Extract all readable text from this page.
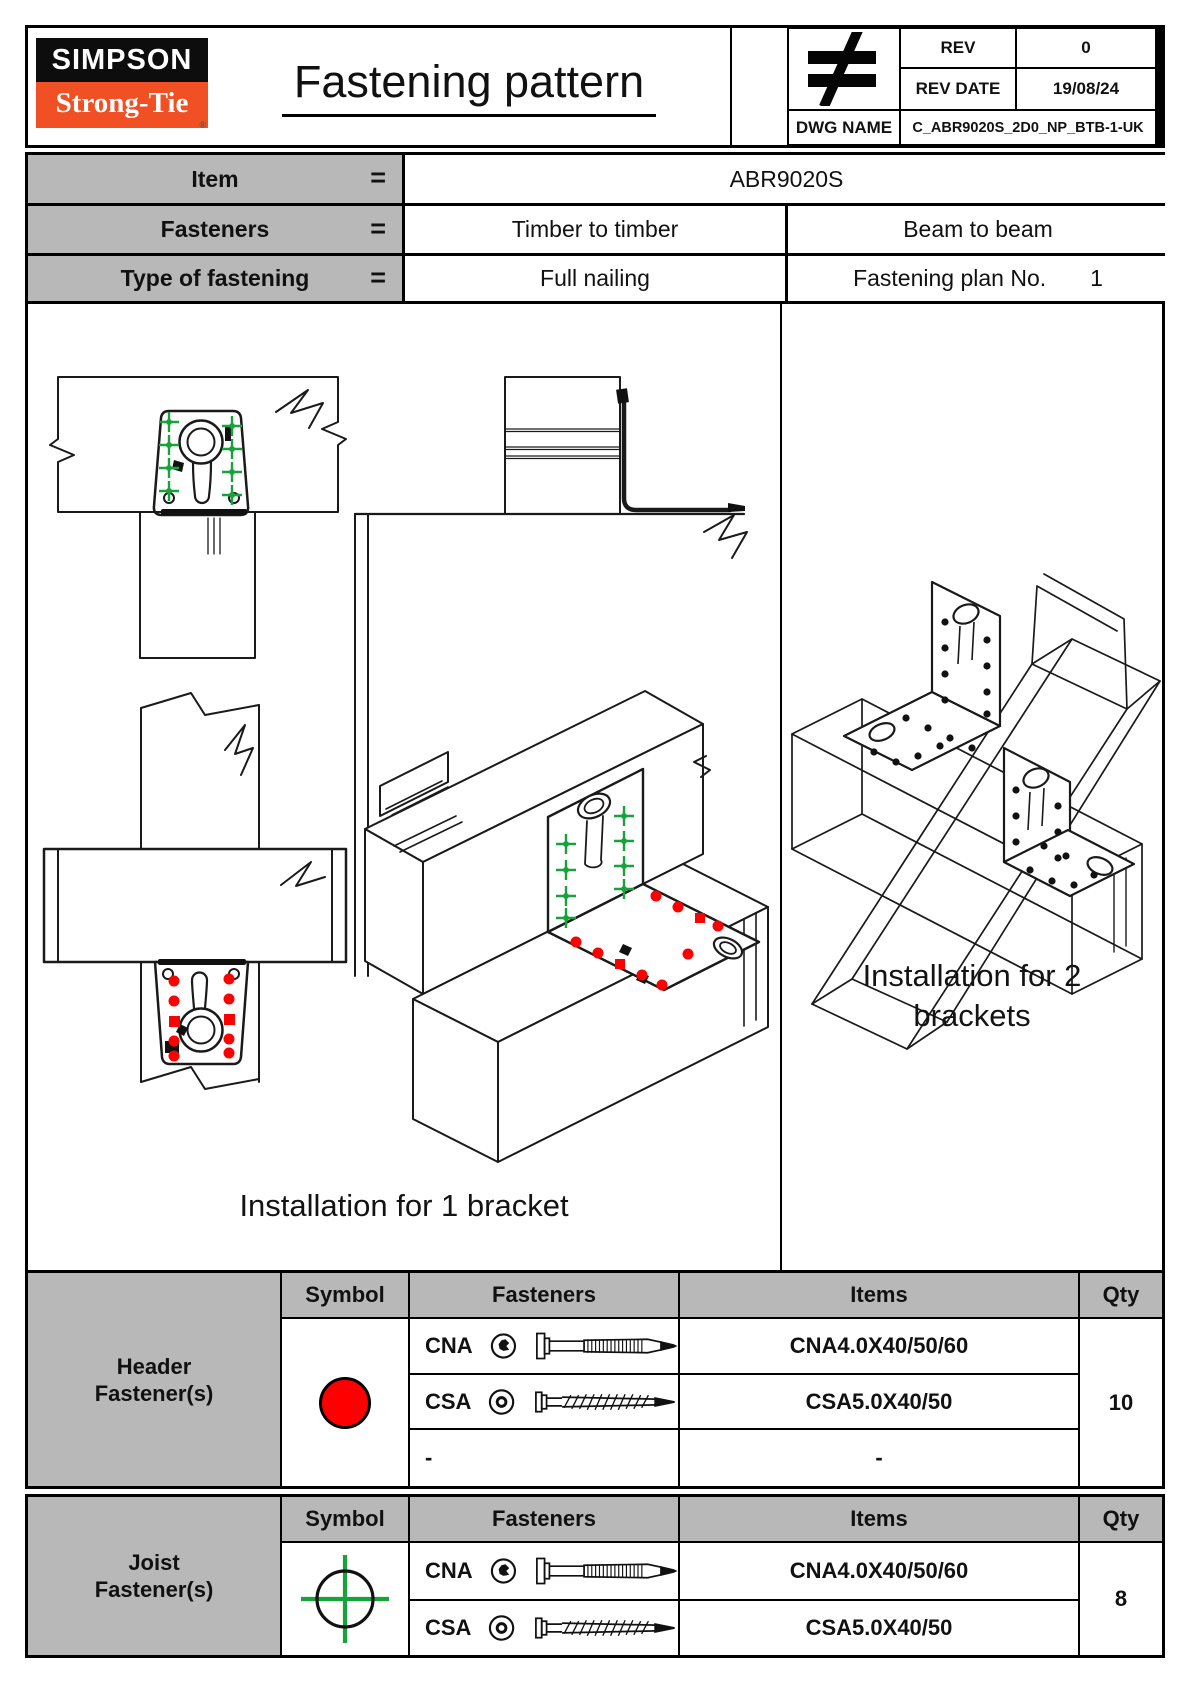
SIMPSON
Strong-Tie
®
Fastening pattern
REV	0
REV DATE	19/08/24
DWG NAME	C_ABR9020S_2D0_NP_BTB-1-UK
Item	=	ABR9020S
Fasteners	=	Timber to timber	Beam to beam
Type of fastening =	Full nailing	Fastening plan No. 1
Installation for 1 bracket
Installation for 2
brackets
Header
Fastener(s)
Symbol	Fasteners	Items	Qty
CNA	CNA4.0X40/50/60
10
CSA	CSA5.0X40/50
-	-
Joist
Fastener(s)
Symbol	Fasteners	Items	Qty
CNA	CNA4.0X40/50/60
8
CSA	CSA5.0X40/50
